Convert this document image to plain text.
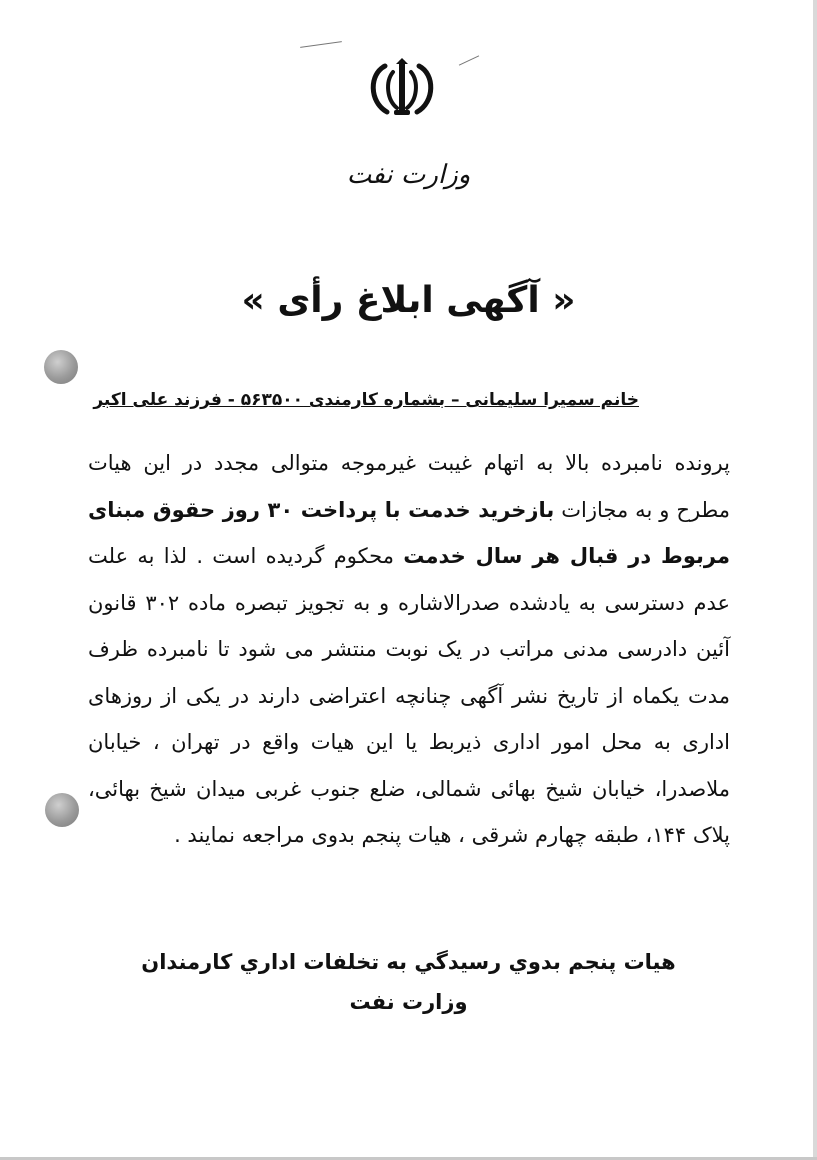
وزارت نفت
« آگهی ابلاغ رأی »
خانم سمیرا سلیمانی – بشماره کارمندی ۵۶۳۵۰۰ - فرزند علی اکبر
پرونده نامبرده بالا به اتهام غیبت غیرموجه متوالی مجدد در این هیات مطرح و به مجازات بازخرید خدمت با پرداخت ۳۰ روز حقوق مبنای مربوط در قبال هر سال خدمت محکوم گردیده است . لذا به علت عدم دسترسی به یادشده صدرالاشاره و به تجویز تبصره ماده ۳۰۲ قانون آئین دادرسی مدنی مراتب در یک نوبت منتشر می شود تا نامبرده ظرف مدت یکماه از تاریخ نشر آگهی چنانچه اعتراضی دارند در یکی از روزهای اداری به محل امور اداری ذیربط یا این هیات واقع در تهران ، خیابان ملاصدرا، خیابان شیخ بهائی شمالی، ضلع جنوب غربی میدان شیخ بهائی، پلاک ۱۴۴، طبقه چهارم شرقی ، هیات پنجم بدوی مراجعه نمایند .
هيات پنجم بدوي رسيدگي به تخلفات اداري كارمندان
وزارت نفت
